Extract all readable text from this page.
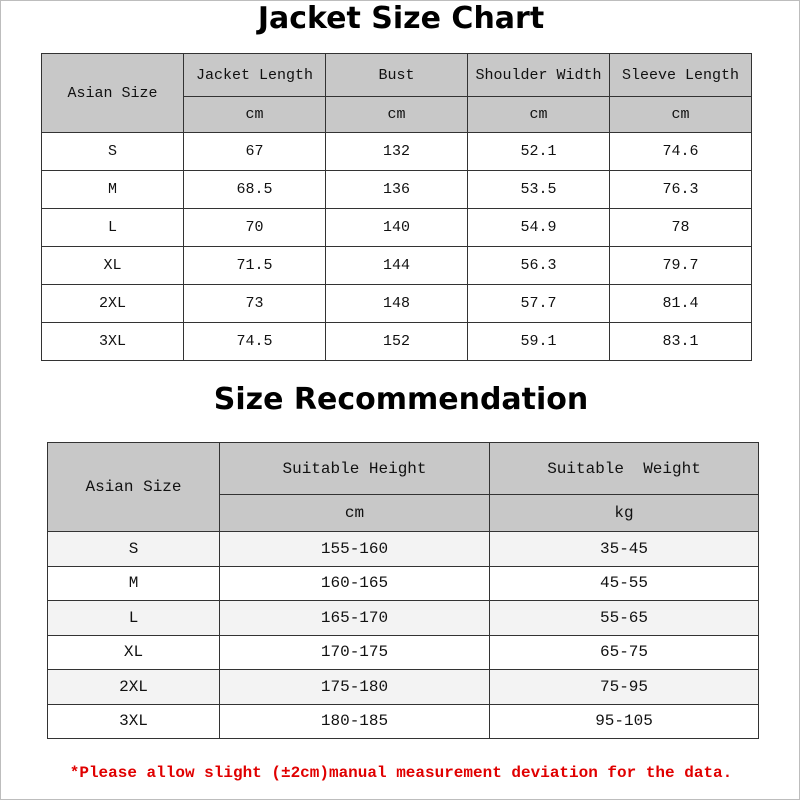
Jacket Size Chart
Asian Size	Jacket Length	Bust	Shoulder Width	Sleeve Length
	cm	cm	cm	cm
S	67	132	52.1	74.6
M	68.5	136	53.5	76.3
L	70	140	54.9	78
XL	71.5	144	56.3	79.7
2XL	73	148	57.7	81.4
3XL	74.5	152	59.1	83.1
Size Recommendation
Asian Size	Suitable Height	Suitable  Weight
	cm	kg
S	155-160	35-45
M	160-165	45-55
L	165-170	55-65
XL	170-175	65-75
2XL	175-180	75-95
3XL	180-185	95-105

*Please allow slight (±2cm)manual measurement deviation for the data.
